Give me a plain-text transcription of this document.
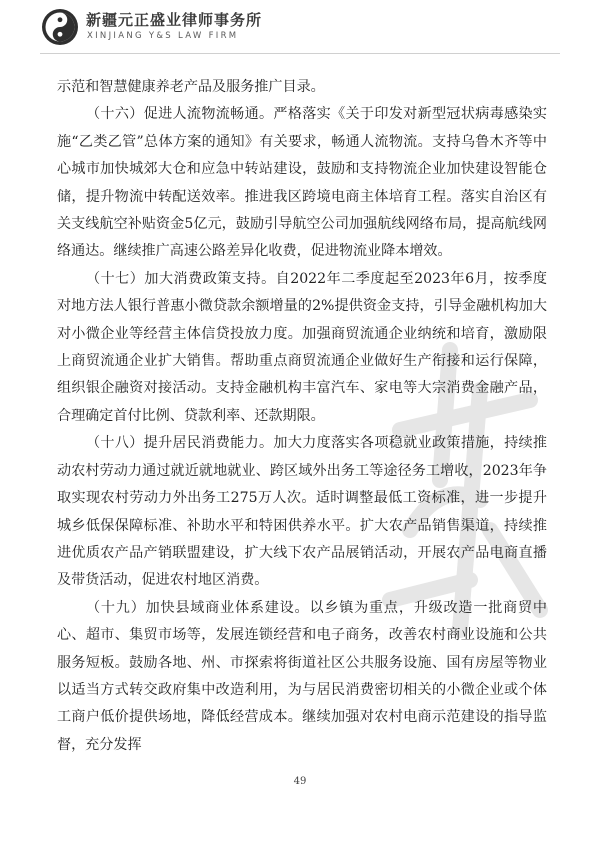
新疆元正盛业律师事务所
XINJIANG Y&S LAW FIRM

示范和智慧健康养老产品及服务推广目录。

（十六）促进人流物流畅通。严格落实《关于印发对新型冠状病毒感染实施“乙类乙管”总体方案的通知》有关要求，畅通人流物流。支持乌鲁木齐等中心城市加快城郊大仓和应急中转站建设，鼓励和支持物流企业加快建设智能仓储，提升物流中转配送效率。推进我区跨境电商主体培育工程。落实自治区有关支线航空补贴资金5亿元，鼓励引导航空公司加强航线网络布局，提高航线网络通达。继续推广高速公路差异化收费，促进物流业降本增效。

（十七）加大消费政策支持。自2022年二季度起至2023年6月，按季度对地方法人银行普惠小微贷款余额增量的2%提供资金支持，引导金融机构加大对小微企业等经营主体信贷投放力度。加强商贸流通企业纳统和培育，激励限上商贸流通企业扩大销售。帮助重点商贸流通企业做好生产衔接和运行保障，组织银企融资对接活动。支持金融机构丰富汽车、家电等大宗消费金融产品，合理确定首付比例、贷款利率、还款期限。

（十八）提升居民消费能力。加大力度落实各项稳就业政策措施，持续推动农村劳动力通过就近就地就业、跨区域外出务工等途径务工增收，2023年争取实现农村劳动力外出务工275万人次。适时调整最低工资标准，进一步提升城乡低保保障标准、补助水平和特困供养水平。扩大农产品销售渠道，持续推进优质农产品产销联盟建设，扩大线下农产品展销活动，开展农产品电商直播及带货活动，促进农村地区消费。

（十九）加快县域商业体系建设。以乡镇为重点，升级改造一批商贸中心、超市、集贸市场等，发展连锁经营和电子商务，改善农村商业设施和公共服务短板。鼓励各地、州、市探索将街道社区公共服务设施、国有房屋等物业以适当方式转交政府集中改造利用，为与居民消费密切相关的小微企业或个体工商户低价提供场地，降低经营成本。继续加强对农村电商示范建设的指导监督，充分发挥

49
